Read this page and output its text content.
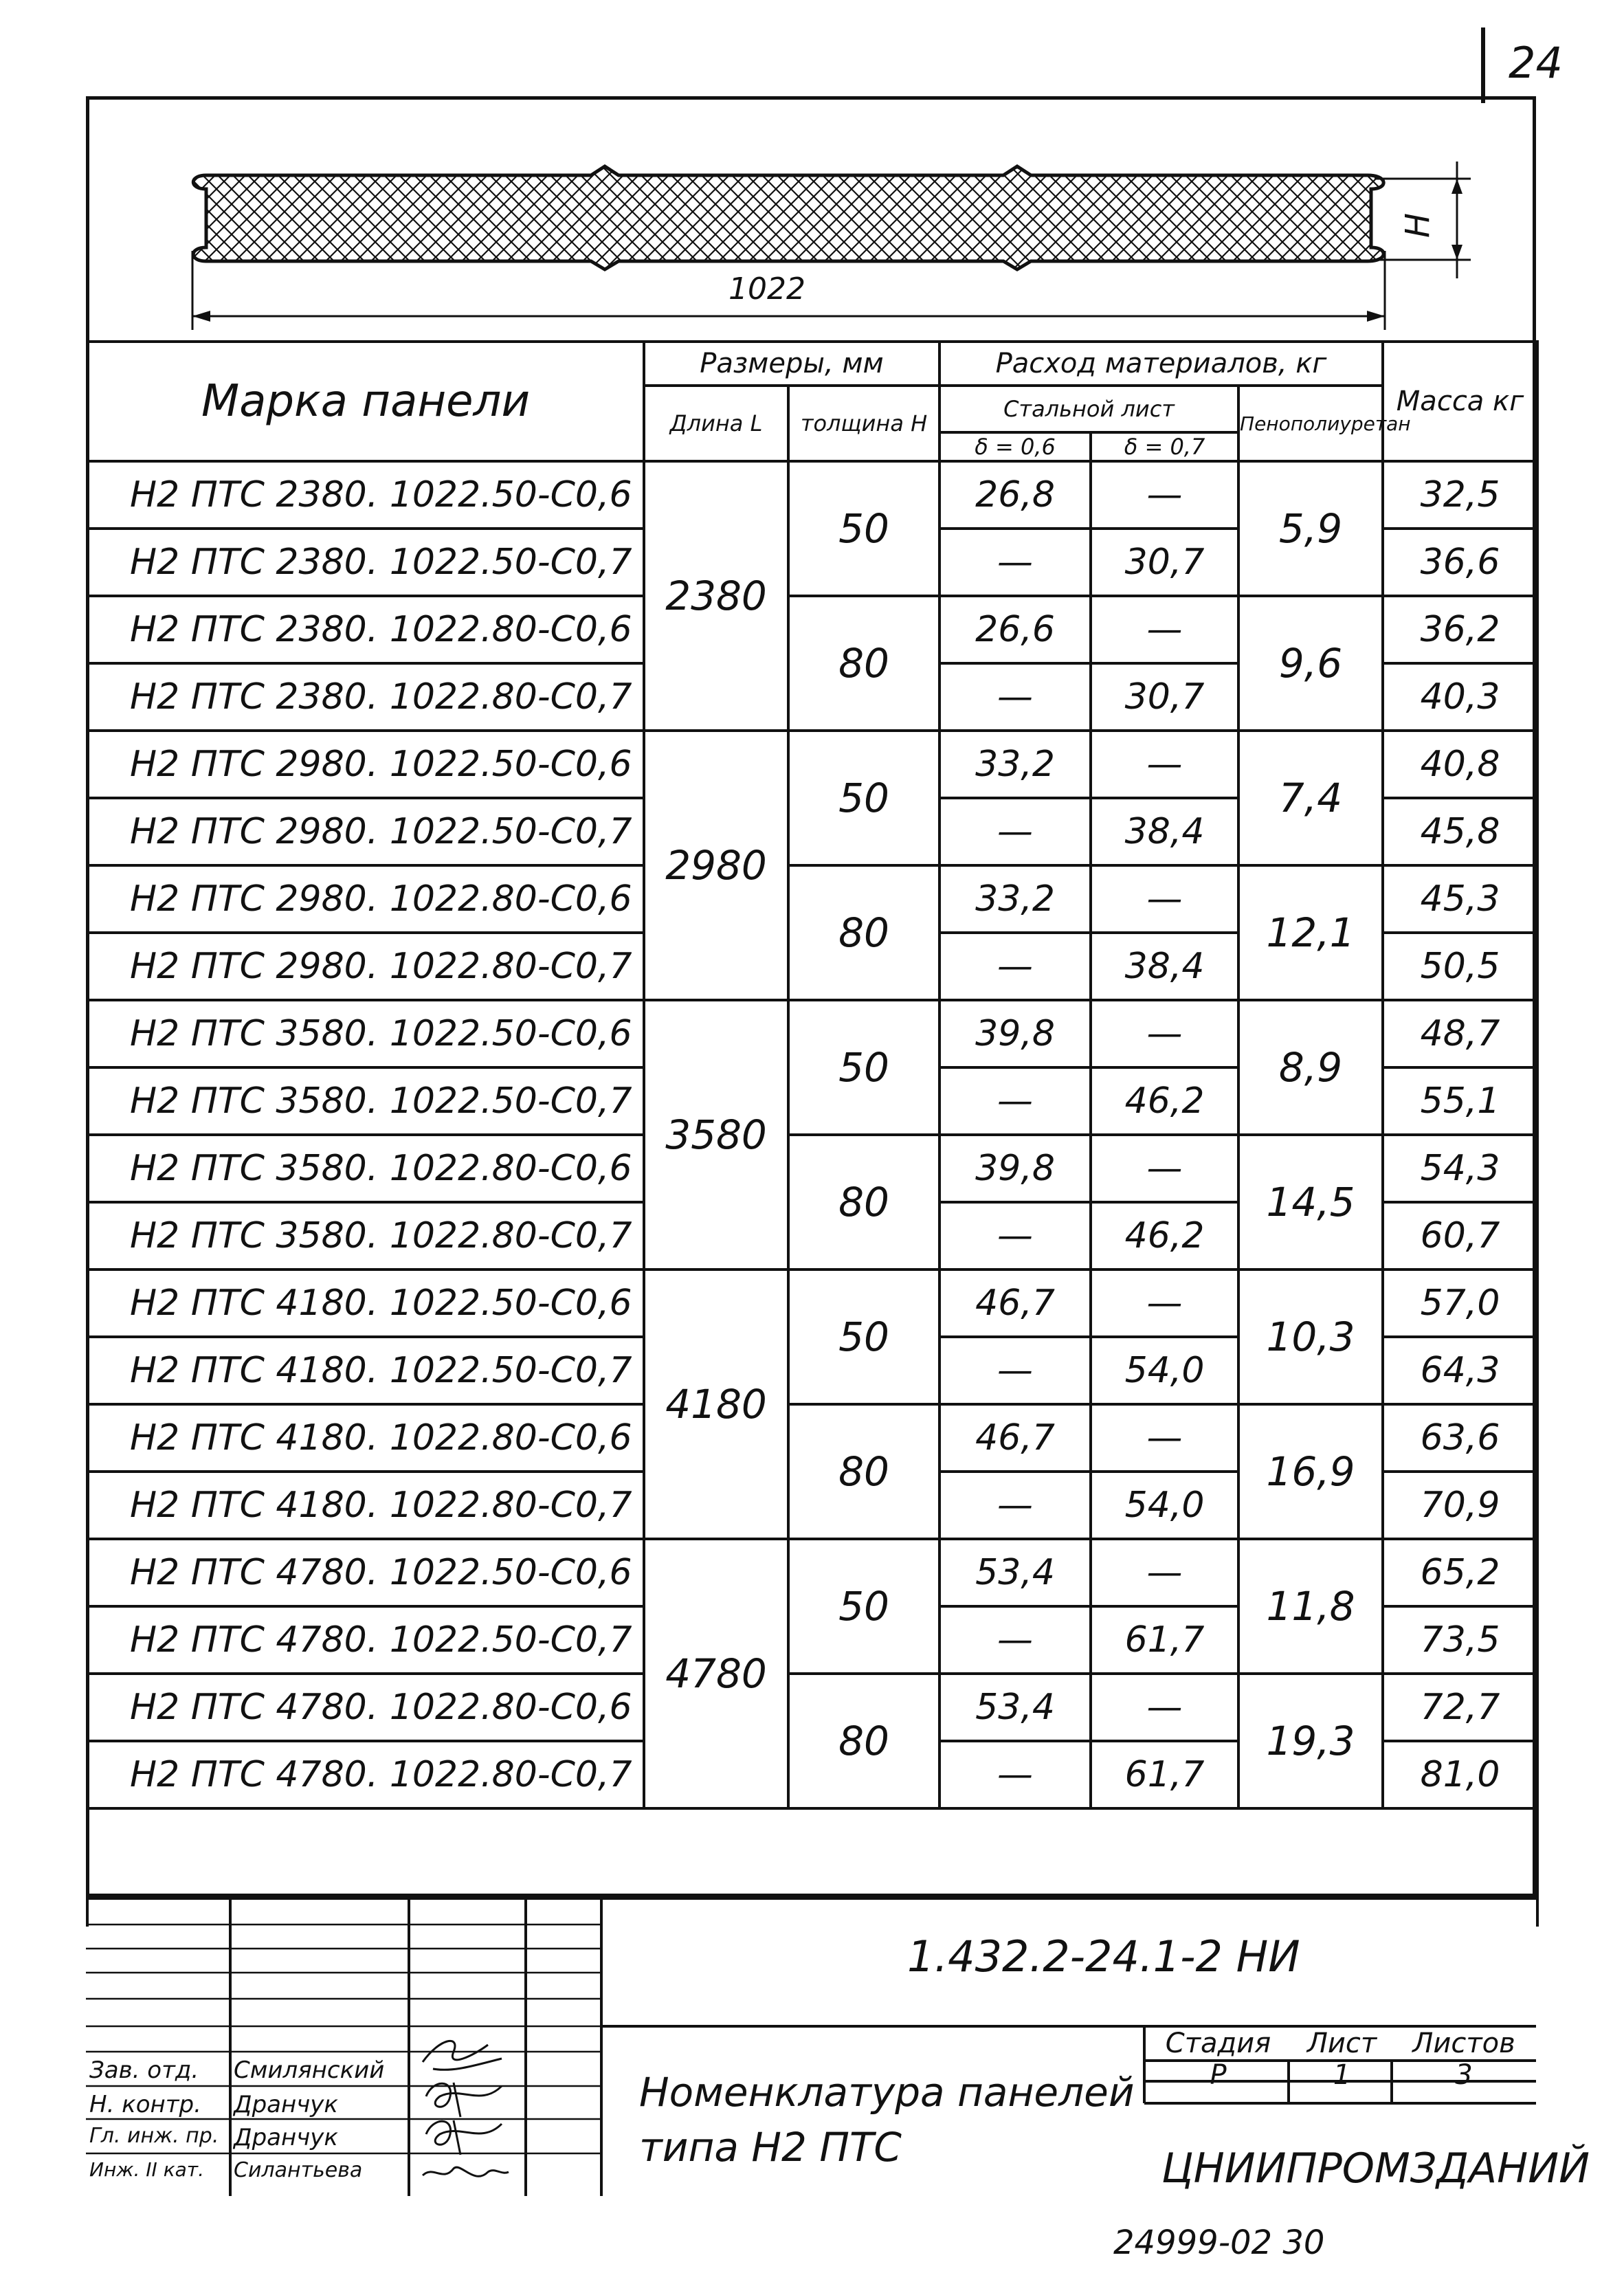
24
1022
H
Марка панели	Размеры, мм		Расход материалов, кг			Масса кг
	Длина L	толщина H	Стальной лист		Пенополиуретан	
			δ = 0,6	δ = 0,7		
Н2 ПТС 2380. 1022.50-С0,6	2380	50	26,8	—	5,9	32,5
Н2 ПТС 2380. 1022.50-С0,7			—	30,7		36,6
Н2 ПТС 2380. 1022.80-С0,6		80	26,6	—	9,6	36,2
Н2 ПТС 2380. 1022.80-С0,7			—	30,7		40,3
Н2 ПТС 2980. 1022.50-С0,6	2980	50	33,2	—	7,4	40,8
Н2 ПТС 2980. 1022.50-С0,7			—	38,4		45,8
Н2 ПТС 2980. 1022.80-С0,6		80	33,2	—	12,1	45,3
Н2 ПТС 2980. 1022.80-С0,7			—	38,4		50,5
Н2 ПТС 3580. 1022.50-С0,6	3580	50	39,8	—	8,9	48,7
Н2 ПТС 3580. 1022.50-С0,7			—	46,2		55,1
Н2 ПТС 3580. 1022.80-С0,6		80	39,8	—	14,5	54,3
Н2 ПТС 3580. 1022.80-С0,7			—	46,2		60,7
Н2 ПТС 4180. 1022.50-С0,6	4180	50	46,7	—	10,3	57,0
Н2 ПТС 4180. 1022.50-С0,7			—	54,0		64,3
Н2 ПТС 4180. 1022.80-С0,6		80	46,7	—	16,9	63,6
Н2 ПТС 4180. 1022.80-С0,7			—	54,0		70,9
Н2 ПТС 4780. 1022.50-С0,6	4780	50	53,4	—	11,8	65,2
Н2 ПТС 4780. 1022.50-С0,7			—	61,7		73,5
Н2 ПТС 4780. 1022.80-С0,6		80	53,4	—	19,3	72,7
Н2 ПТС 4780. 1022.80-С0,7			—	61,7		81,0

1.432.2-24.1-2 НИ
Номенклатура панелей
типа Н2 ПТС
Стадия	Лист	Листов
Р	1	3
ЦНИИПРОМЗДАНИЙ
Зав. отд. Смилянский
Н. контр. Дранчук
Гл. инж. пр. Дранчук
Инж. II кат. Силантьева
24999-02 30
